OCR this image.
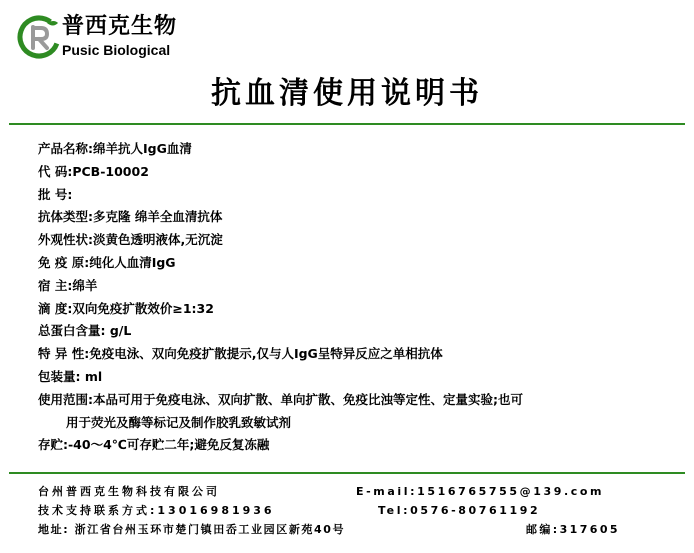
普西克生物
Pusic Biological
抗血清使用说明书
产品名称:绵羊抗人IgG血清
代 码:PCB-10002
批 号:
抗体类型:多克隆 绵羊全血清抗体
外观性状:淡黄色透明液体,无沉淀
免 疫 原:纯化人血清IgG
宿 主:绵羊
滴 度:双向免疫扩散效价≥1:32
总蛋白含量: g/L
特 异 性:免疫电泳、双向免疫扩散提示,仅与人IgG呈特异反应之单相抗体
包装量: ml
使用范围:本品可用于免疫电泳、双向扩散、单向扩散、免疫比浊等定性、定量实验;也可
用于荧光及酶等标记及制作胶乳致敏试剂
存贮:-40～4℃可存贮二年;避免反复冻融
台州普西克生物科技有限公司	E-mail:1516765755@139.com
技术支持联系方式:13016981936	Tel:0576-80761192
地址: 浙江省台州玉环市楚门镇田岙工业园区新苑40号	邮编:317605
